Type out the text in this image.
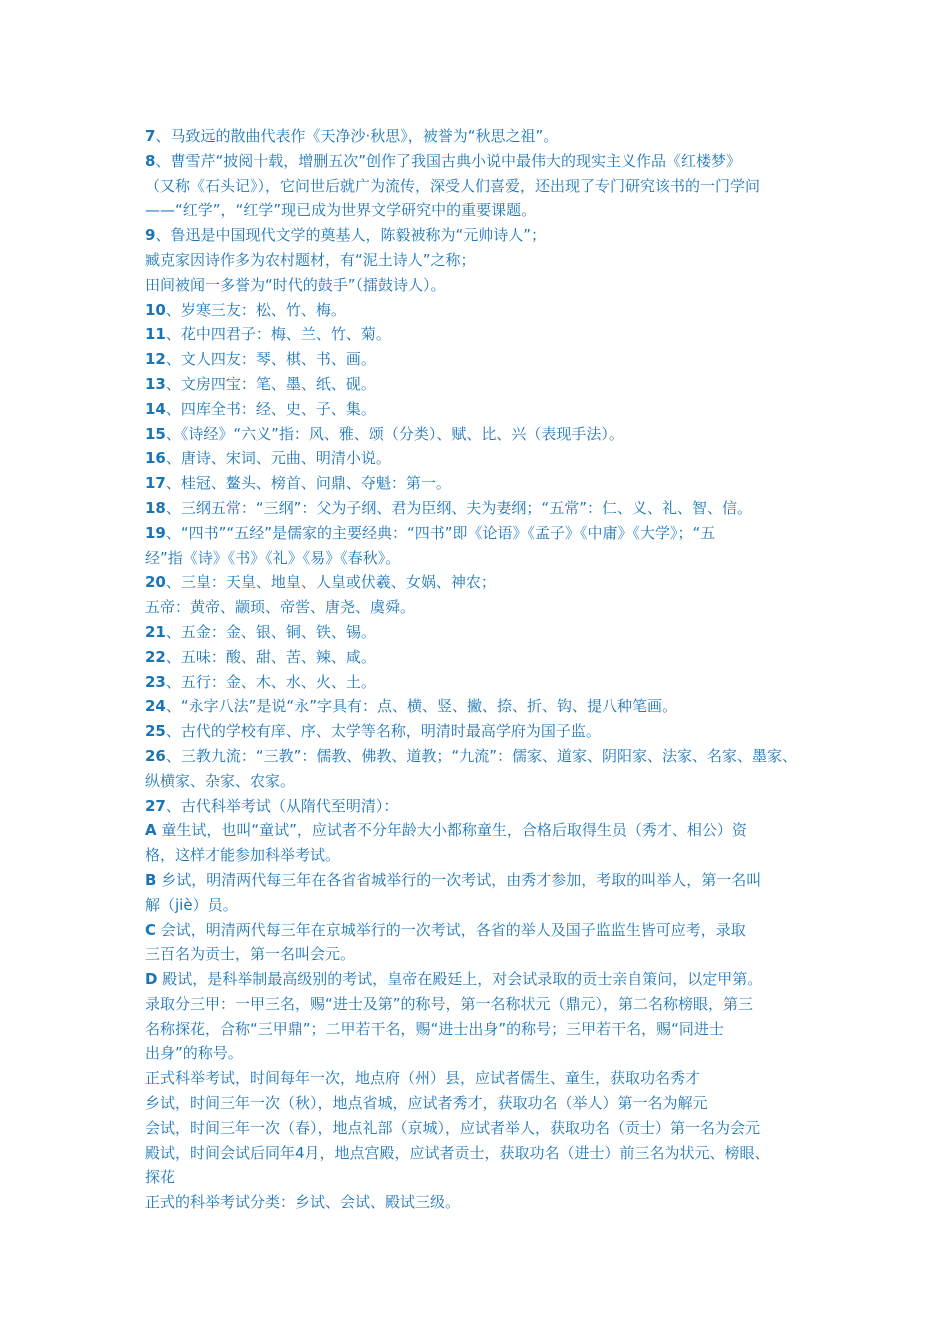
7、马致远的散曲代表作《天净沙·秋思》，被誉为“秋思之祖”。
8、曹雪芹“披阅十载，增删五次”创作了我国古典小说中最伟大的现实主义作品《红楼梦》
（又称《石头记》），它问世后就广为流传，深受人们喜爱，还出现了专门研究该书的一门学问
——“红学”，“红学”现已成为世界文学研究中的重要课题。
9、鲁迅是中国现代文学的奠基人，陈毅被称为“元帅诗人”；
臧克家因诗作多为农村题材，有“泥土诗人”之称；
田间被闻一多誉为“时代的鼓手”（擂鼓诗人）。
10、岁寒三友：松、竹、梅。
11、花中四君子：梅、兰、竹、菊。
12、文人四友：琴、棋、书、画。
13、文房四宝：笔、墨、纸、砚。
14、四库全书：经、史、子、集。
15、《诗经》“六义”指：风、雅、颂（分类）、赋、比、兴（表现手法）。
16、唐诗、宋词、元曲、明清小说。
17、桂冠、鳌头、榜首、问鼎、夺魁：第一。
18、三纲五常：“三纲”：父为子纲、君为臣纲、夫为妻纲；“五常”：仁、义、礼、智、信。
19、“四书”“五经”是儒家的主要经典：“四书”即《论语》《孟子》《中庸》《大学》；“五
经”指《诗》《书》《礼》《易》《春秋》。
20、三皇：天皇、地皇、人皇或伏羲、女娲、神农；
五帝：黄帝、颛顼、帝喾、唐尧、虞舜。
21、五金：金、银、铜、铁、锡。
22、五味：酸、甜、苦、辣、咸。
23、五行：金、木、水、火、土。
24、“永字八法”是说“永”字具有：点、横、竖、撇、捺、折、钩、提八种笔画。
25、古代的学校有庠、序、太学等名称，明清时最高学府为国子监。
26、三教九流：“三教”：儒教、佛教、道教；“九流”：儒家、道家、阴阳家、法家、名家、墨家、
纵横家、杂家、农家。
27、古代科举考试（从隋代至明清）：
A 童生试，也叫“童试”，应试者不分年龄大小都称童生，合格后取得生员（秀才、相公）资
格，这样才能参加科举考试。
B 乡试，明清两代每三年在各省省城举行的一次考试，由秀才参加，考取的叫举人，第一名叫
解（jiè）员。
C 会试，明清两代每三年在京城举行的一次考试，各省的举人及国子监监生皆可应考，录取
三百名为贡士，第一名叫会元。
D 殿试，是科举制最高级别的考试，皇帝在殿廷上，对会试录取的贡士亲自策问，以定甲第。
录取分三甲：一甲三名，赐“进士及第”的称号，第一名称状元（鼎元），第二名称榜眼，第三
名称探花，合称“三甲鼎”；二甲若干名，赐“进士出身”的称号；三甲若干名，赐“同进士
出身”的称号。
正式科举考试，时间每年一次，地点府（州）县，应试者儒生、童生，获取功名秀才
乡试，时间三年一次（秋），地点省城，应试者秀才，获取功名（举人）第一名为解元
会试，时间三年一次（春），地点礼部（京城），应试者举人，获取功名（贡士）第一名为会元
殿试，时间会试后同年4月，地点宫殿，应试者贡士，获取功名（进士）前三名为状元、榜眼、
探花
正式的科举考试分类：乡试、会试、殿试三级。
